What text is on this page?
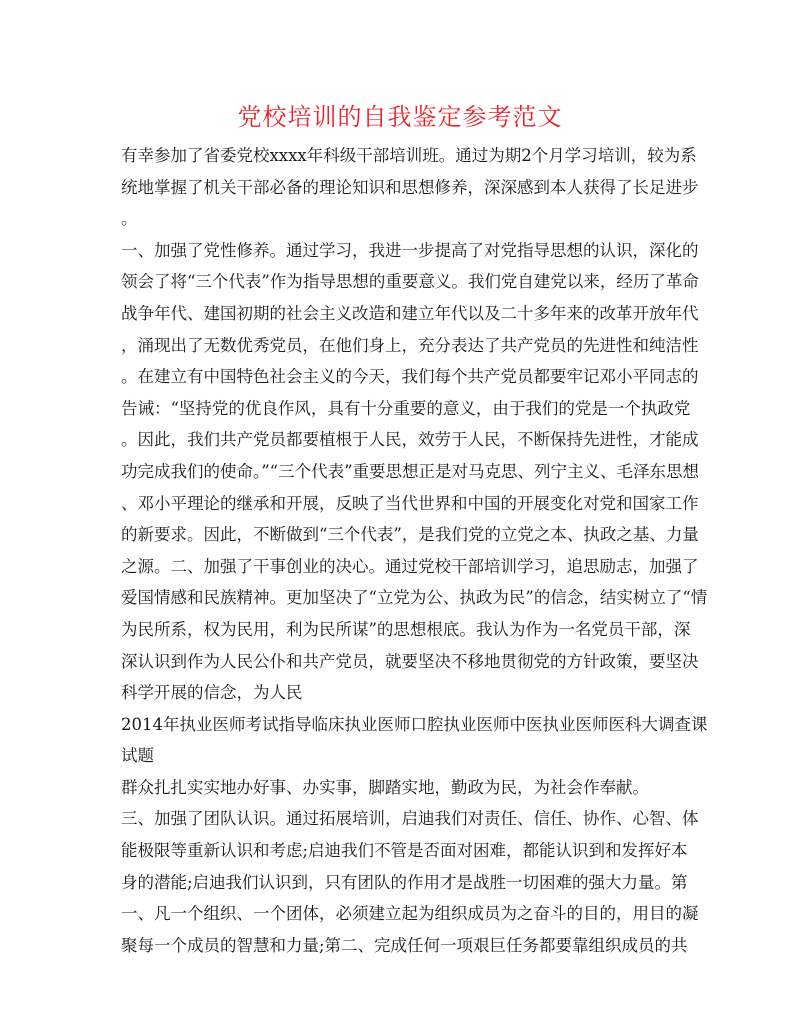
党校培训的自我鉴定参考范文
有幸参加了省委党校xxxx年科级干部培训班。通过为期2个月学习培训，较为系
统地掌握了机关干部必备的理论知识和思想修养，深深感到本人获得了长足进步
。
一、加强了党性修养。通过学习，我进一步提高了对党指导思想的认识，深化的
领会了将“三个代表”作为指导思想的重要意义。我们党自建党以来，经历了革命
战争年代、建国初期的社会主义改造和建立年代以及二十多年来的改革开放年代
，涌现出了无数优秀党员，在他们身上，充分表达了共产党员的先进性和纯洁性
。在建立有中国特色社会主义的今天，我们每个共产党员都要牢记邓小平同志的
告诫：“坚持党的优良作风，具有十分重要的意义，由于我们的党是一个执政党
。因此，我们共产党员都要植根于人民，效劳于人民，不断保持先进性，才能成
功完成我们的使命。”“三个代表”重要思想正是对马克思、列宁主义、毛泽东思想
、邓小平理论的继承和开展，反映了当代世界和中国的开展变化对党和国家工作
的新要求。因此，不断做到“三个代表”，是我们党的立党之本、执政之基、力量
之源。二、加强了干事创业的决心。通过党校干部培训学习，追思励志，加强了
爱国情感和民族精神。更加坚决了“立党为公、执政为民”的信念，结实树立了“情
为民所系，权为民用，利为民所谋”的思想根底。我认为作为一名党员干部，深
深认识到作为人民公仆和共产党员，就要坚决不移地贯彻党的方针政策，要坚决
科学开展的信念，为人民
2014年执业医师考试指导临床执业医师口腔执业医师中医执业医师医科大调查课
试题
群众扎扎实实地办好事、办实事，脚踏实地，勤政为民，为社会作奉献。
三、加强了团队认识。通过拓展培训，启迪我们对责任、信任、协作、心智、体
能极限等重新认识和考虑;启迪我们不管是否面对困难，都能认识到和发挥好本
身的潜能;启迪我们认识到，只有团队的作用才是战胜一切困难的强大力量。第
一、凡一个组织、一个团体，必须建立起为组织成员为之奋斗的目的，用目的凝
聚每一个成员的智慧和力量;第二、完成任何一项艰巨任务都要靠组织成员的共
